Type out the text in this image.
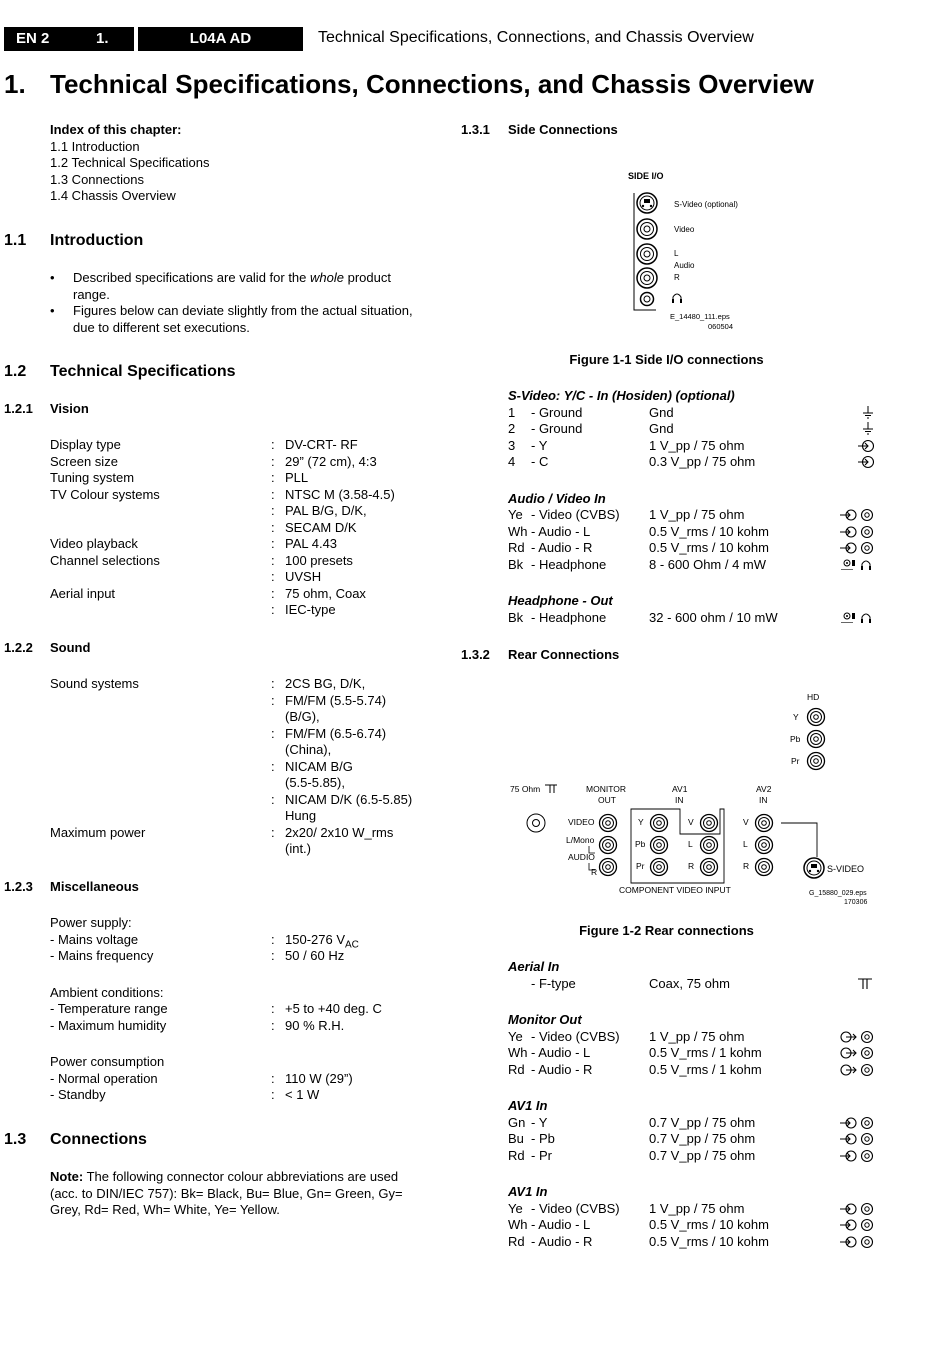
EN 2	1.	L04A AD	Technical Specifications, Connections, and Chassis Overview
1. Technical Specifications, Connections, and Chassis Overview
Index of this chapter:
1.1 Introduction
1.2 Technical Specifications
1.3 Connections
1.4 Chassis Overview
1.1 Introduction
• Described specifications are valid for the whole product range.
• Figures below can deviate slightly from the actual situation, due to different set executions.
1.2 Technical Specifications
1.2.1 Vision
Display type	: DV-CRT- RF
Screen size	: 29” (72 cm), 4:3
Tuning system	: PLL
TV Colour systems	: NTSC M (3.58-4.5)
: PAL B/G, D/K,
: SECAM D/K
Video playback	: PAL 4.43
Channel selections	: 100 presets
: UVSH
Aerial input	: 75 ohm, Coax
: IEC-type
1.2.2 Sound
Sound systems	: 2CS BG, D/K,
: FM/FM (5.5-5.74)
(B/G),
: FM/FM (6.5-6.74)
(China),
: NICAM B/G
(5.5-5.85),
: NICAM D/K (6.5-5.85)
Hung
Maximum power	: 2x20/ 2x10 W_rms
(int.)
1.2.3 Miscellaneous
Power supply:
- Mains voltage	: 150-276 $V_{AC}$
- Mains frequency	: 50 / 60 Hz
Ambient conditions:
- Temperature range	: +5 to +40 deg. C
- Maximum humidity	: 90 % R.H.
Power consumption
- Normal operation	: 110 W (29”)
- Standby	: < 1 W
1.3 Connections
Note: The following connector colour abbreviations are used (acc. to DIN/IEC 757): Bk= Black, Bu= Blue, Gn= Green, Gy= Grey, Rd= Red, Wh= White, Ye= Yellow.
1.3.1 Side Connections
SIDE I/O
S-Video (optional)
Video
L
Audio
R
E_14480_111.eps
060504
Figure 1-1 Side I/O connections
S-Video: Y/C - In (Hosiden) (optional)
1 - Ground	Gnd
2 - Ground	Gnd
3 - Y	1 V_pp / 75 ohm
4 - C	0.3 V_pp / 75 ohm
Audio / Video In
Ye - Video (CVBS) 1 V_pp / 75 ohm
Wh - Audio - L	0.5 V_rms / 10 kohm
Rd - Audio - R	0.5 V_rms / 10 kohm
Bk - Headphone	8 - 600 Ohm / 4 mW
Headphone - Out
Bk - Headphone	32 - 600 ohm / 10 mW
1.3.2 Rear Connections
HD
Y
Pb
Pr
75 Ohm	MONITOR
OUT
VIDEO
L/Mono
AUDIO
R
AV1
IN
Y
Pb
Pr
V
L
R
COMPONENT VIDEO INPUT
AV2
IN
V
L
R	S-VIDEO
G_15880_029.eps
170306
Figure 1-2 Rear connections
Aerial In
- F-type	Coax, 75 ohm
Monitor Out
Ye - Video (CVBS) 1 V_pp / 75 ohm
Wh - Audio - L	0.5 V_rms / 1 kohm
Rd - Audio - R	0.5 V_rms / 1 kohm
AV1 In
Gn - Y	0.7 V_pp / 75 ohm
Bu - Pb	0.7 V_pp / 75 ohm
Rd - Pr	0.7 V_pp / 75 ohm
AV1 In
Ye - Video (CVBS) 1 V_pp / 75 ohm
Wh - Audio - L	0.5 V_rms / 10 kohm
Rd - Audio - R	0.5 V_rms / 10 kohm
